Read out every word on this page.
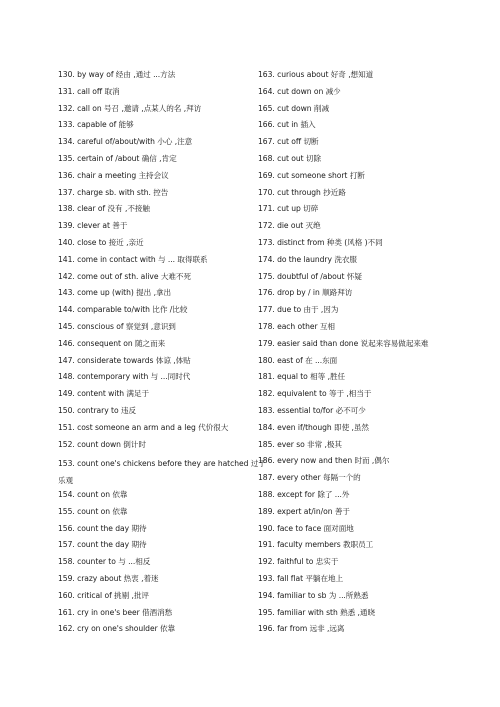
130. by way of 经由 ,通过 ...方法
131. call off 取消
132. call on 号召 ,邀请 ,点某人的名 ,拜访
133. capable of 能够
134. careful of/about/with 小心 ,注意
135. certain of /about 确信 ,肯定
136. chair a meeting 主持会议
137. charge sb. with sth. 控告
138. clear of 没有 ,不接触
139. clever at 善于
140. close to 接近 ,亲近
141. come in contact with 与 ... 取得联系
142. come out of sth. alive 大难不死
143. come up (with) 提出 ,拿出
144. comparable to/with 比作 /比较
145. conscious of 察觉到 ,意识到
146. consequent on 随之而来
147. considerate towards 体谅 ,体贴
148. contemporary with 与 ...同时代
149. content with 满足于
150. contrary to 违反
151. cost someone an arm and a leg 代价很大
152. count down 倒计时
153. count one's chickens before they are hatched 过于乐观
154. count on 依靠
155. count on 依靠
156. count the day 期待
157. count the day 期待
158. counter to 与 ...相反
159. crazy about 热衷 ,着迷
160. critical of 挑剔 ,批评
161. cry in one's beer 借酒消愁
162. cry on one's shoulder 依靠
163. curious about 好奇 ,想知道
164. cut down on 减少
165. cut down 削减
166. cut in 插入
167. cut off 切断
168. cut out 切除
169. cut someone short 打断
170. cut through 抄近路
171. cut up 切碎
172. die out 灭绝
173. distinct from 种类 (风格 )不同
174. do the laundry 洗衣服
175. doubtful of /about 怀疑
176. drop by / in 顺路拜访
177. due to 由于 ,因为
178. each other 互相
179. easier said than done 说起来容易做起来难
180. east of 在 ...东面
181. equal to 相等 ,胜任
182. equivalent to 等于 ,相当于
183. essential to/for 必不可少
184. even if/though 即使 ,虽然
185. ever so 非常 ,极其
186. every now and then 时而 ,偶尔
187. every other 每隔一个的
188. except for 除了 ...外
189. expert at/in/on 善于
190. face to face 面对面地
191. faculty members 教职员工
192. faithful to 忠实于
193. fall flat 平躺在地上
194. familiar to sb 为 ...所熟悉
195. familiar with sth 熟悉 ,通晓
196. far from 远非 ,远离
